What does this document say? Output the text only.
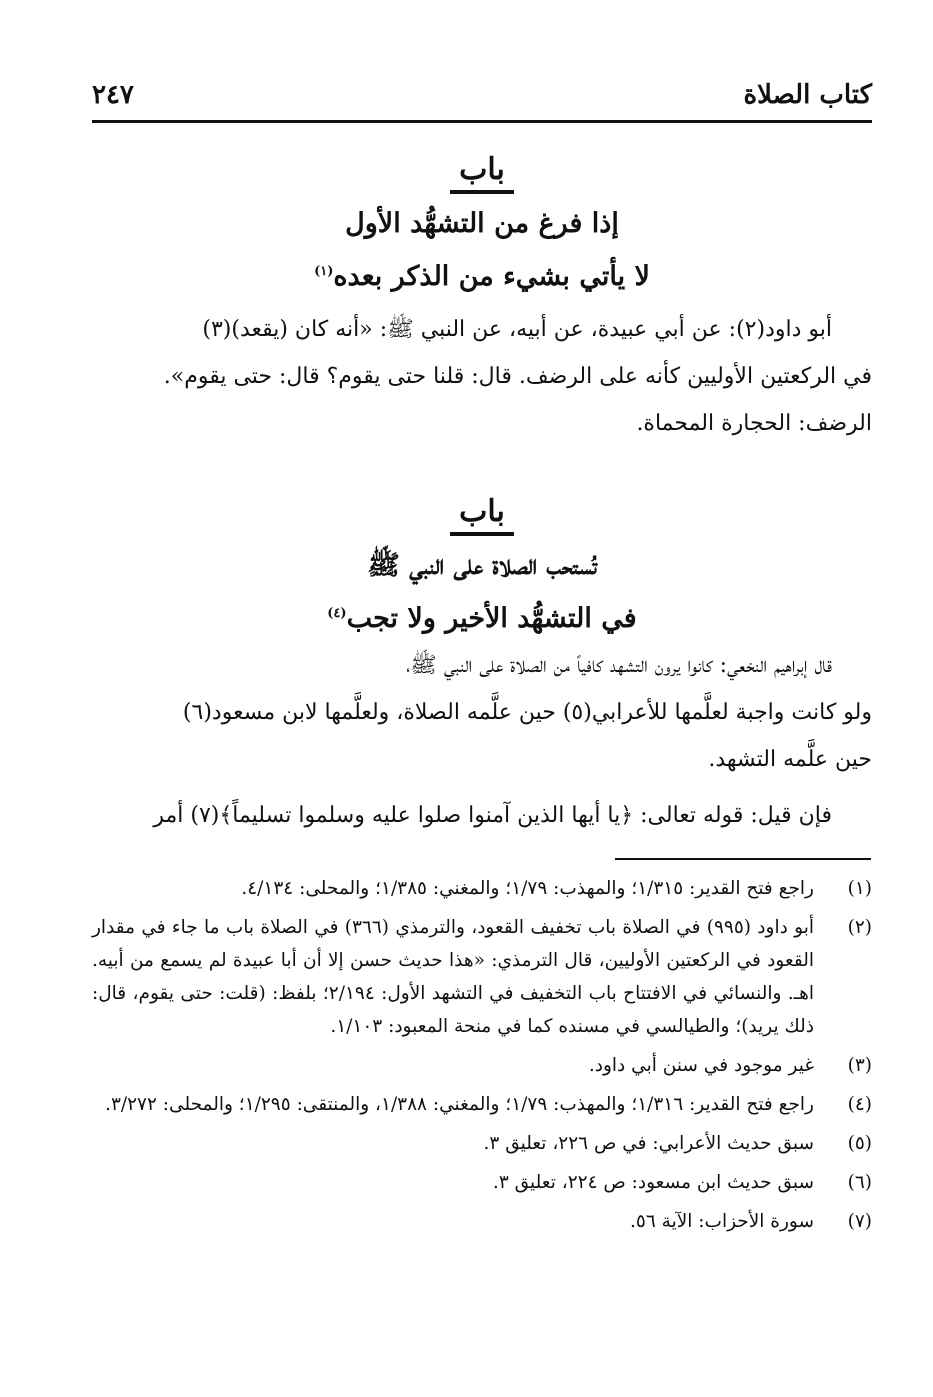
كتاب الصلاة
٢٤٧
باب
إذا فرغ من التشهُّد الأول
لا يأتي بشيء من الذكر بعده$^{(١)}$

أبو داود(٢): عن أبي عبيدة، عن أبيه، عن النبي ﷺ: «أنه كان (يقعد)(٣)

في الركعتين الأوليين كأنه على الرضف. قال: قلنا حتى يقوم؟ قال: حتى يقوم».

الرضف: الحجارة المحماة.

باب
تُستحب الصلاة على النبي ﷺ
في التشهُّد الأخير ولا تجب$^{(٤)}$

قال إبراهيم النخعي: كانوا يرون التشهد كافياً من الصلاة على النبي ﷺ،

ولو كانت واجبة لعلَّمها للأعرابي(٥) حين علَّمه الصلاة، ولعلَّمها لابن مسعود(٦)

حين علَّمه التشهد.

فإن قيل: قوله تعالى: ﴿يا أيها الذين آمنوا صلوا عليه وسلموا تسليماً﴾(٧) أمر

(١)
راجع فتح القدير: ١/٣١٥؛ والمهذب: ١/٧٩؛ والمغني: ١/٣٨٥؛ والمحلى: ٤/١٣٤.
(٢)
أبو داود (٩٩٥) في الصلاة باب تخفيف القعود، والترمذي (٣٦٦) في الصلاة باب ما جاء في مقدار القعود في الركعتين الأوليين، قال الترمذي: «هذا حديث حسن إلا أن أبا عبيدة لم يسمع من أبيه. اهـ. والنسائي في الافتتاح باب التخفيف في التشهد الأول: ٢/١٩٤؛ بلفظ: (قلت: حتى يقوم، قال: ذلك يريد)؛ والطيالسي في مسنده كما في منحة المعبود: ١/١٠٣.
(٣)
غير موجود في سنن أبي داود.
(٤)
راجع فتح القدير: ١/٣١٦؛ والمهذب: ١/٧٩؛ والمغني: ١/٣٨٨، والمنتقى: ١/٢٩٥؛ والمحلى: ٣/٢٧٢.
(٥)
سبق حديث الأعرابي: في ص ٢٢٦، تعليق ٣.
(٦)
سبق حديث ابن مسعود: ص ٢٢٤، تعليق ٣.
(٧)
سورة الأحزاب: الآية ٥٦.
